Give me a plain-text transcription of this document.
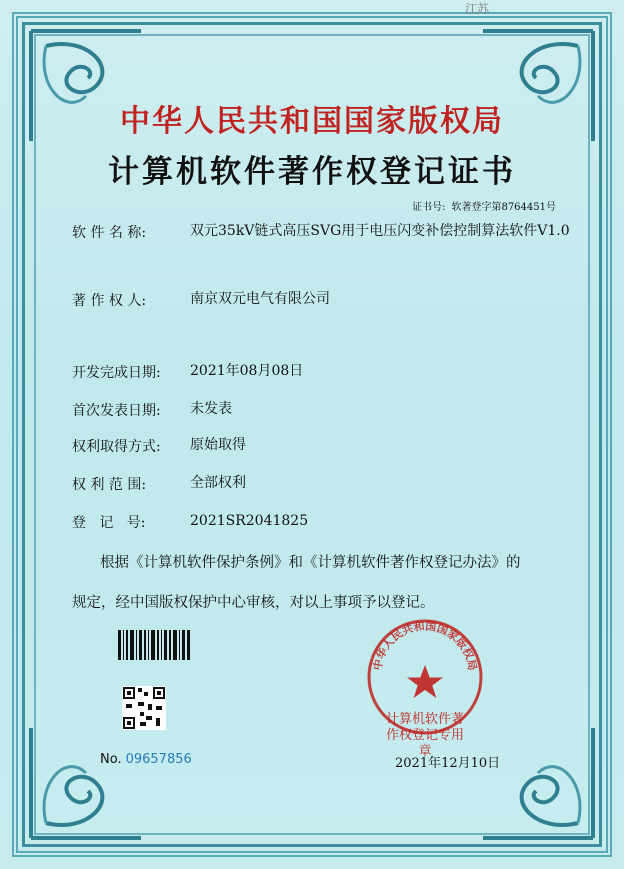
江苏
中华人民共和国国家版权局
计算机软件著作权登记证书
证书号: 软著登字第8764451号
软 件 名 称:	双元35kV链式高压SVG用于电压闪变补偿控制算法软件V1.0
著 作 权 人:	南京双元电气有限公司
开发完成日期:	2021年08月08日
首次发表日期:	未发表
权利取得方式:	原始取得
权 利 范 围:	全部权利
登   记   号:	2021SR2041825
根据《计算机软件保护条例》和《计算机软件著作权登记办法》的
规定，经中国版权保护中心审核，对以上事项予以登记。
No. 09657856
中华人民共和国国家版权局
计算机软件著作权登记专用章
2021年12月10日
